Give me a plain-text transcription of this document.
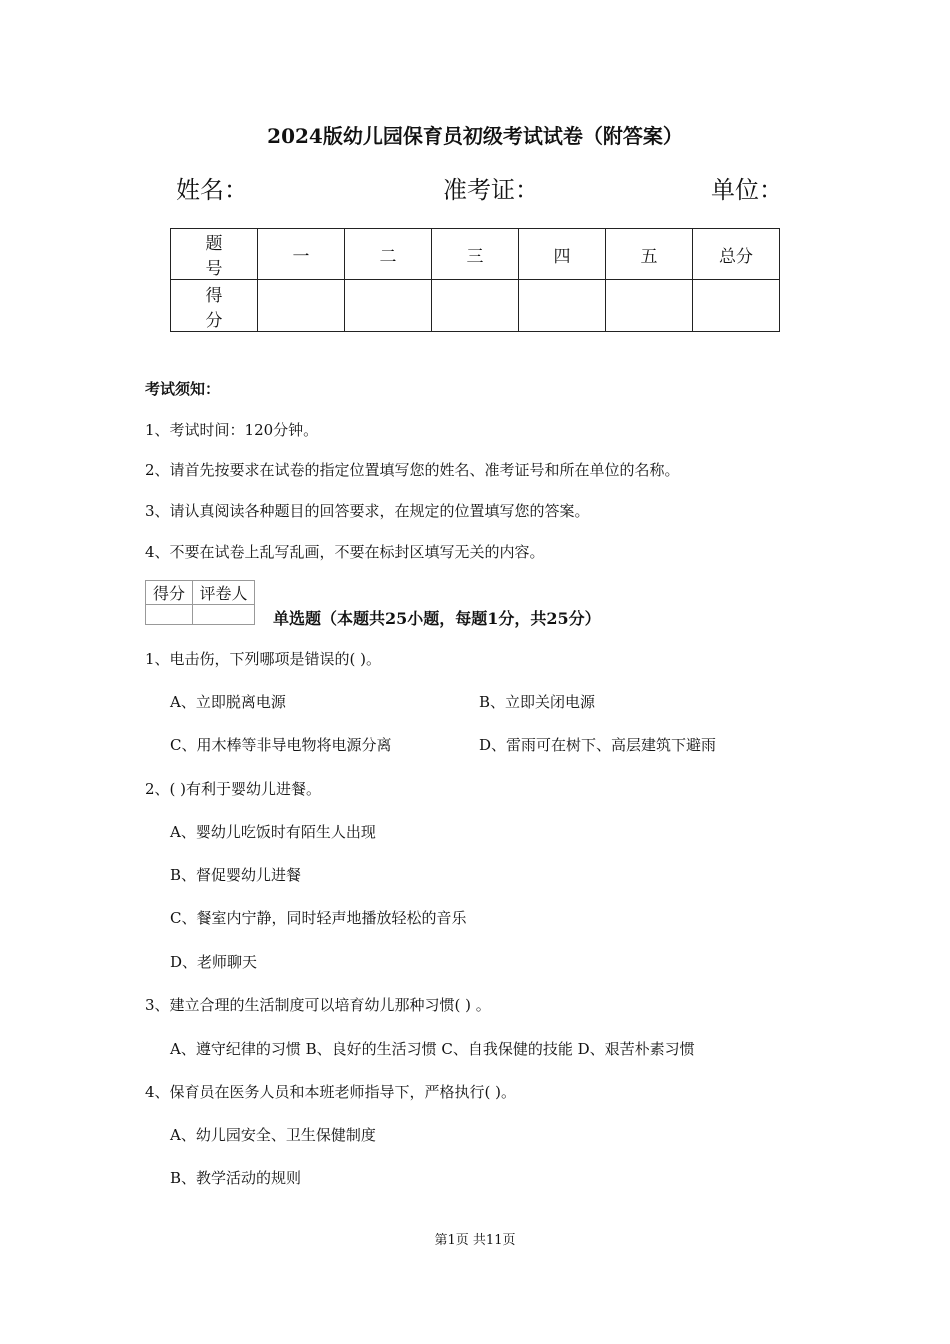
2024版幼儿园保育员初级考试试卷（附答案）
姓名：	准考证：	单位：
题号	一	二	三	四	五	总分
得分						
考试须知：
1、考试时间：120分钟。
2、请首先按要求在试卷的指定位置填写您的姓名、准考证号和所在单位的名称。
3、请认真阅读各种题目的回答要求，在规定的位置填写您的答案。
4、不要在试卷上乱写乱画，不要在标封区填写无关的内容。
得分	评卷人

单选题（本题共25小题，每题1分，共25分）
1、电击伤，下列哪项是错误的( )。
A、立即脱离电源	B、立即关闭电源
C、用木棒等非导电物将电源分离	D、雷雨可在树下、高层建筑下避雨
2、( )有利于婴幼儿进餐。
A、婴幼儿吃饭时有陌生人出现
B、督促婴幼儿进餐
C、餐室内宁静，同时轻声地播放轻松的音乐
D、老师聊天
3、建立合理的生活制度可以培育幼儿那种习惯( ) 。
A、遵守纪律的习惯 B、良好的生活习惯 C、自我保健的技能 D、艰苦朴素习惯
4、保育员在医务人员和本班老师指导下，严格执行( )。
A、幼儿园安全、卫生保健制度
B、教学活动的规则
第1页 共11页
